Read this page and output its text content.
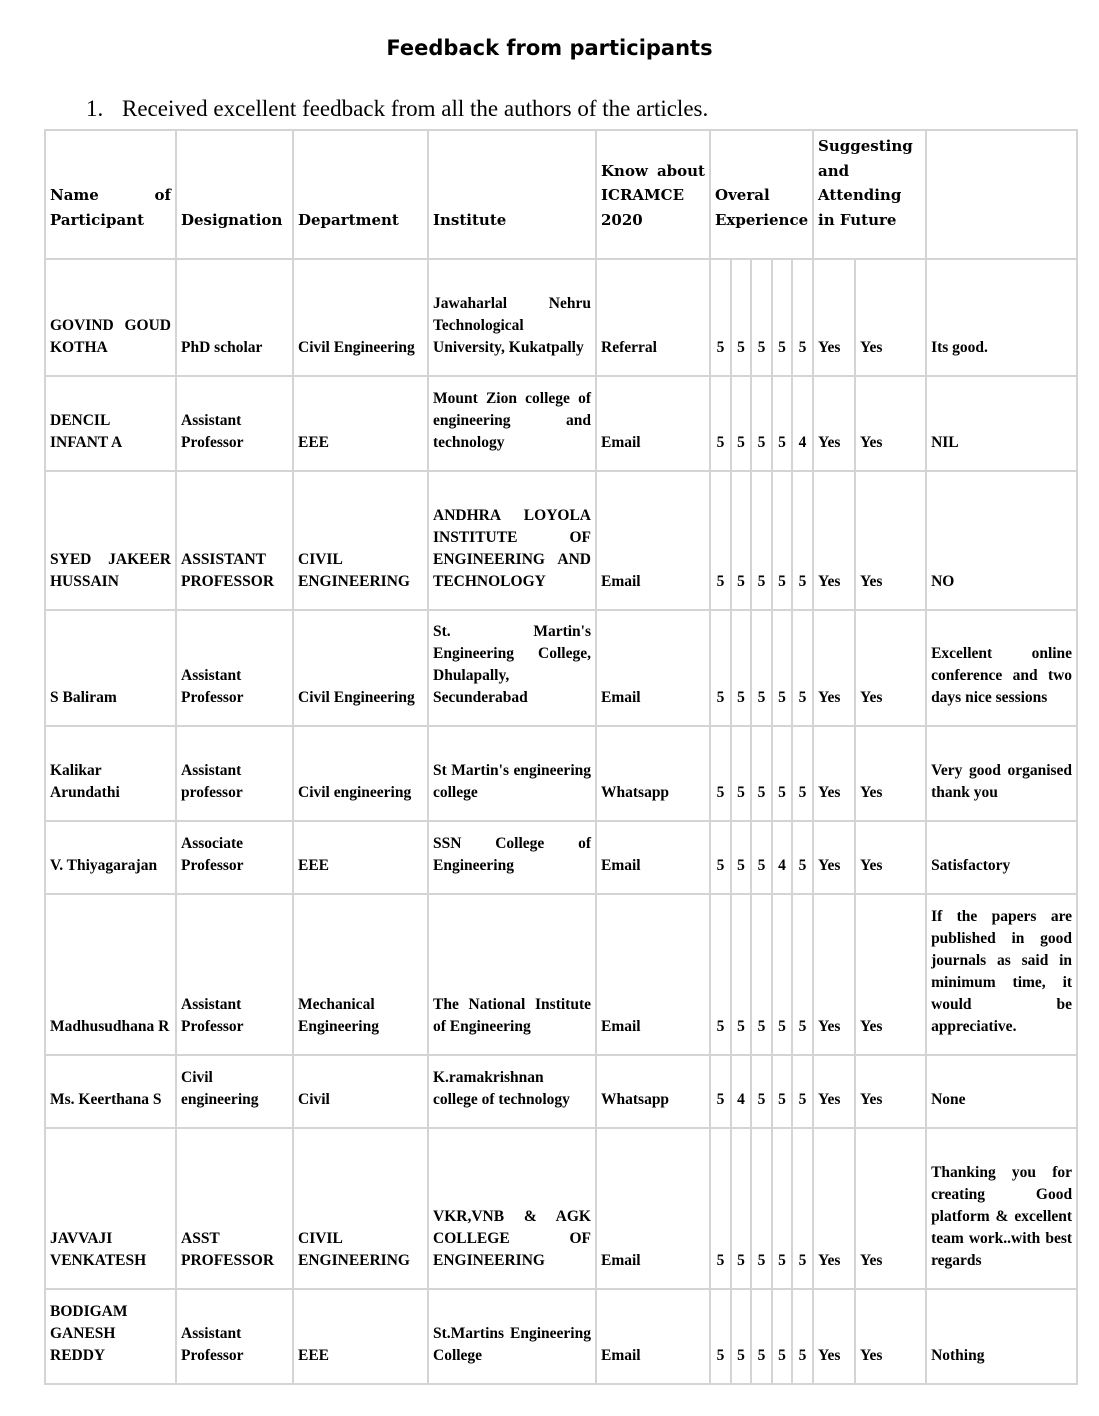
Feedback from participants

1. Received excellent feedback from all the authors of the articles.

Name of Participant	Designation	Department	Institute	Know about ICRAMCE 2020	Overal Experience					Suggesting and Attending in Future		
GOVIND GOUD KOTHA	PhD scholar	Civil Engineering	Jawaharlal Nehru Technological University, Kukatpally	Referral	5	5	5	5	5	Yes	Yes	Its good.
DENCIL INFANT A	Assistant Professor	EEE	Mount Zion college of engineering and technology	Email	5	5	5	5	4	Yes	Yes	NIL
SYED JAKEER HUSSAIN	ASSISTANT PROFESSOR	CIVIL ENGINEERING	ANDHRA LOYOLA INSTITUTE OF ENGINEERING AND TECHNOLOGY	Email	5	5	5	5	5	Yes	Yes	NO
S Baliram	Assistant Professor	Civil Engineering	St. Martin's Engineering College, Dhulapally, Secunderabad	Email	5	5	5	5	5	Yes	Yes	Excellent online conference and two days nice sessions
Kalikar Arundathi	Assistant professor	Civil engineering	St Martin's engineering college	Whatsapp	5	5	5	5	5	Yes	Yes	Very good organised thank you
V. Thiyagarajan	Associate Professor	EEE	SSN College of Engineering	Email	5	5	5	4	5	Yes	Yes	Satisfactory
Madhusudhana R	Assistant Professor	Mechanical Engineering	The National Institute of Engineering	Email	5	5	5	5	5	Yes	Yes	If the papers are published in good journals as said in minimum time, it would be appreciative.
Ms. Keerthana S	Civil engineering	Civil	K.ramakrishnan college of technology	Whatsapp	5	4	5	5	5	Yes	Yes	None
JAVVAJI VENKATESH	ASST PROFESSOR	CIVIL ENGINEERING	VKR,VNB & AGK COLLEGE OF ENGINEERING	Email	5	5	5	5	5	Yes	Yes	Thanking you for creating Good platform & excellent team work..with best regards
BODIGAM GANESH REDDY	Assistant Professor	EEE	St.Martins Engineering College	Email	5	5	5	5	5	Yes	Yes	Nothing
